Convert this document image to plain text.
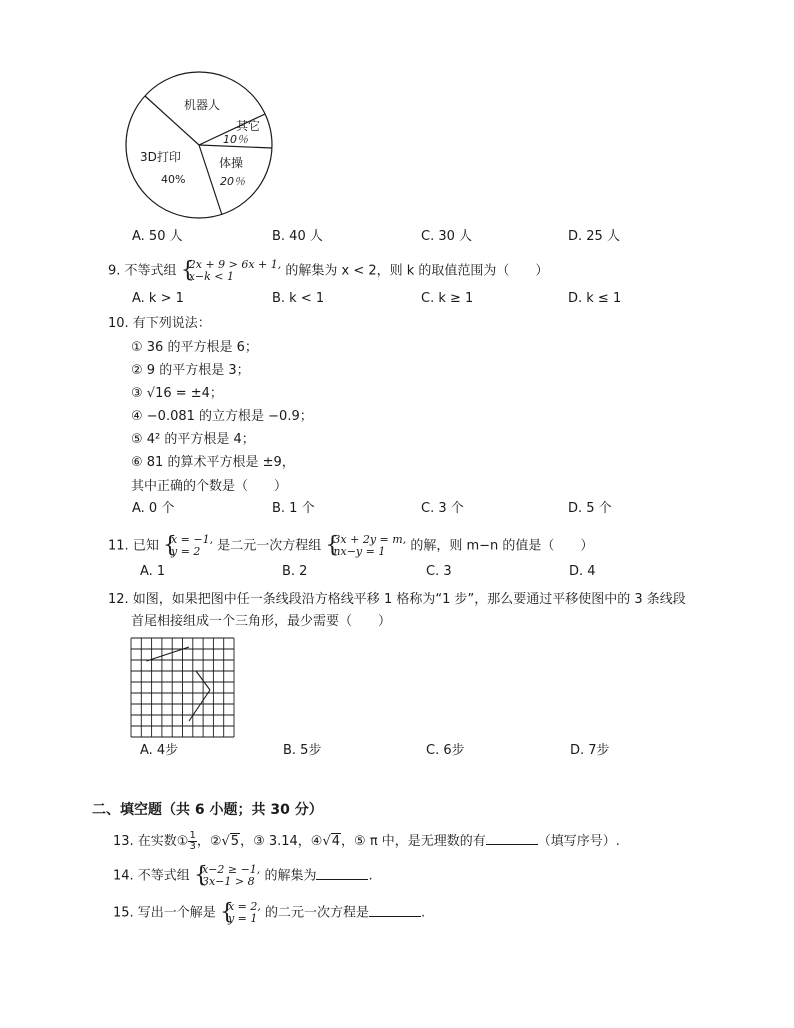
机器人
其它
10％
3D打印
40%
体操
20％
A. 50 人	B. 40 人	C. 30 人	D. 25 人
9. 不等式组 {
2x + 9 > 6x + 1,
x−k < 1	的解集为 x < 2，则 k 的取值范围为（　　）
A. k > 1	B. k < 1	C. k ≥ 1	D. k ≤ 1
10. 有下列说法：
① 36 的平方根是 6；
② 9 的平方根是 3；
③ √16 = ±4；
④ −0.081 的立方根是 −0.9；
⑤ 4² 的平方根是 4；
⑥ 81 的算术平方根是 ±9，
其中正确的个数是（　　）
A. 0 个	B. 1 个	C. 3 个	D. 5 个
11. 已知 {
x = −1,
y = 2	是二元一次方程组 {
3x + 2y = m,
nx−y = 1	的解，则 m−n 的值是（　　）
A. 1	B. 2	C. 3	D. 4
12. 如图，如果把图中任一条线段沿方格线平移 1 格称为“1 步”，那么要通过平移使图中的 3 条线段
首尾相接组成一个三角形，最少需要（　　）
A. 4步	B. 5步	C. 6步	D. 7步
二、填空题（共 6 小题；共 30 分）
13. 在实数① $\frac{1}{3}$ ，②√5，③ 3.14，④√4，⑤ π 中，是无理数的有	（填写序号）.
14. 不等式组 {
x−2 ≥ −1,
3x−1 > 8 的解集为	.
15. 写出一个解是 {
x = 2,
y = 1 的二元一次方程是	.
